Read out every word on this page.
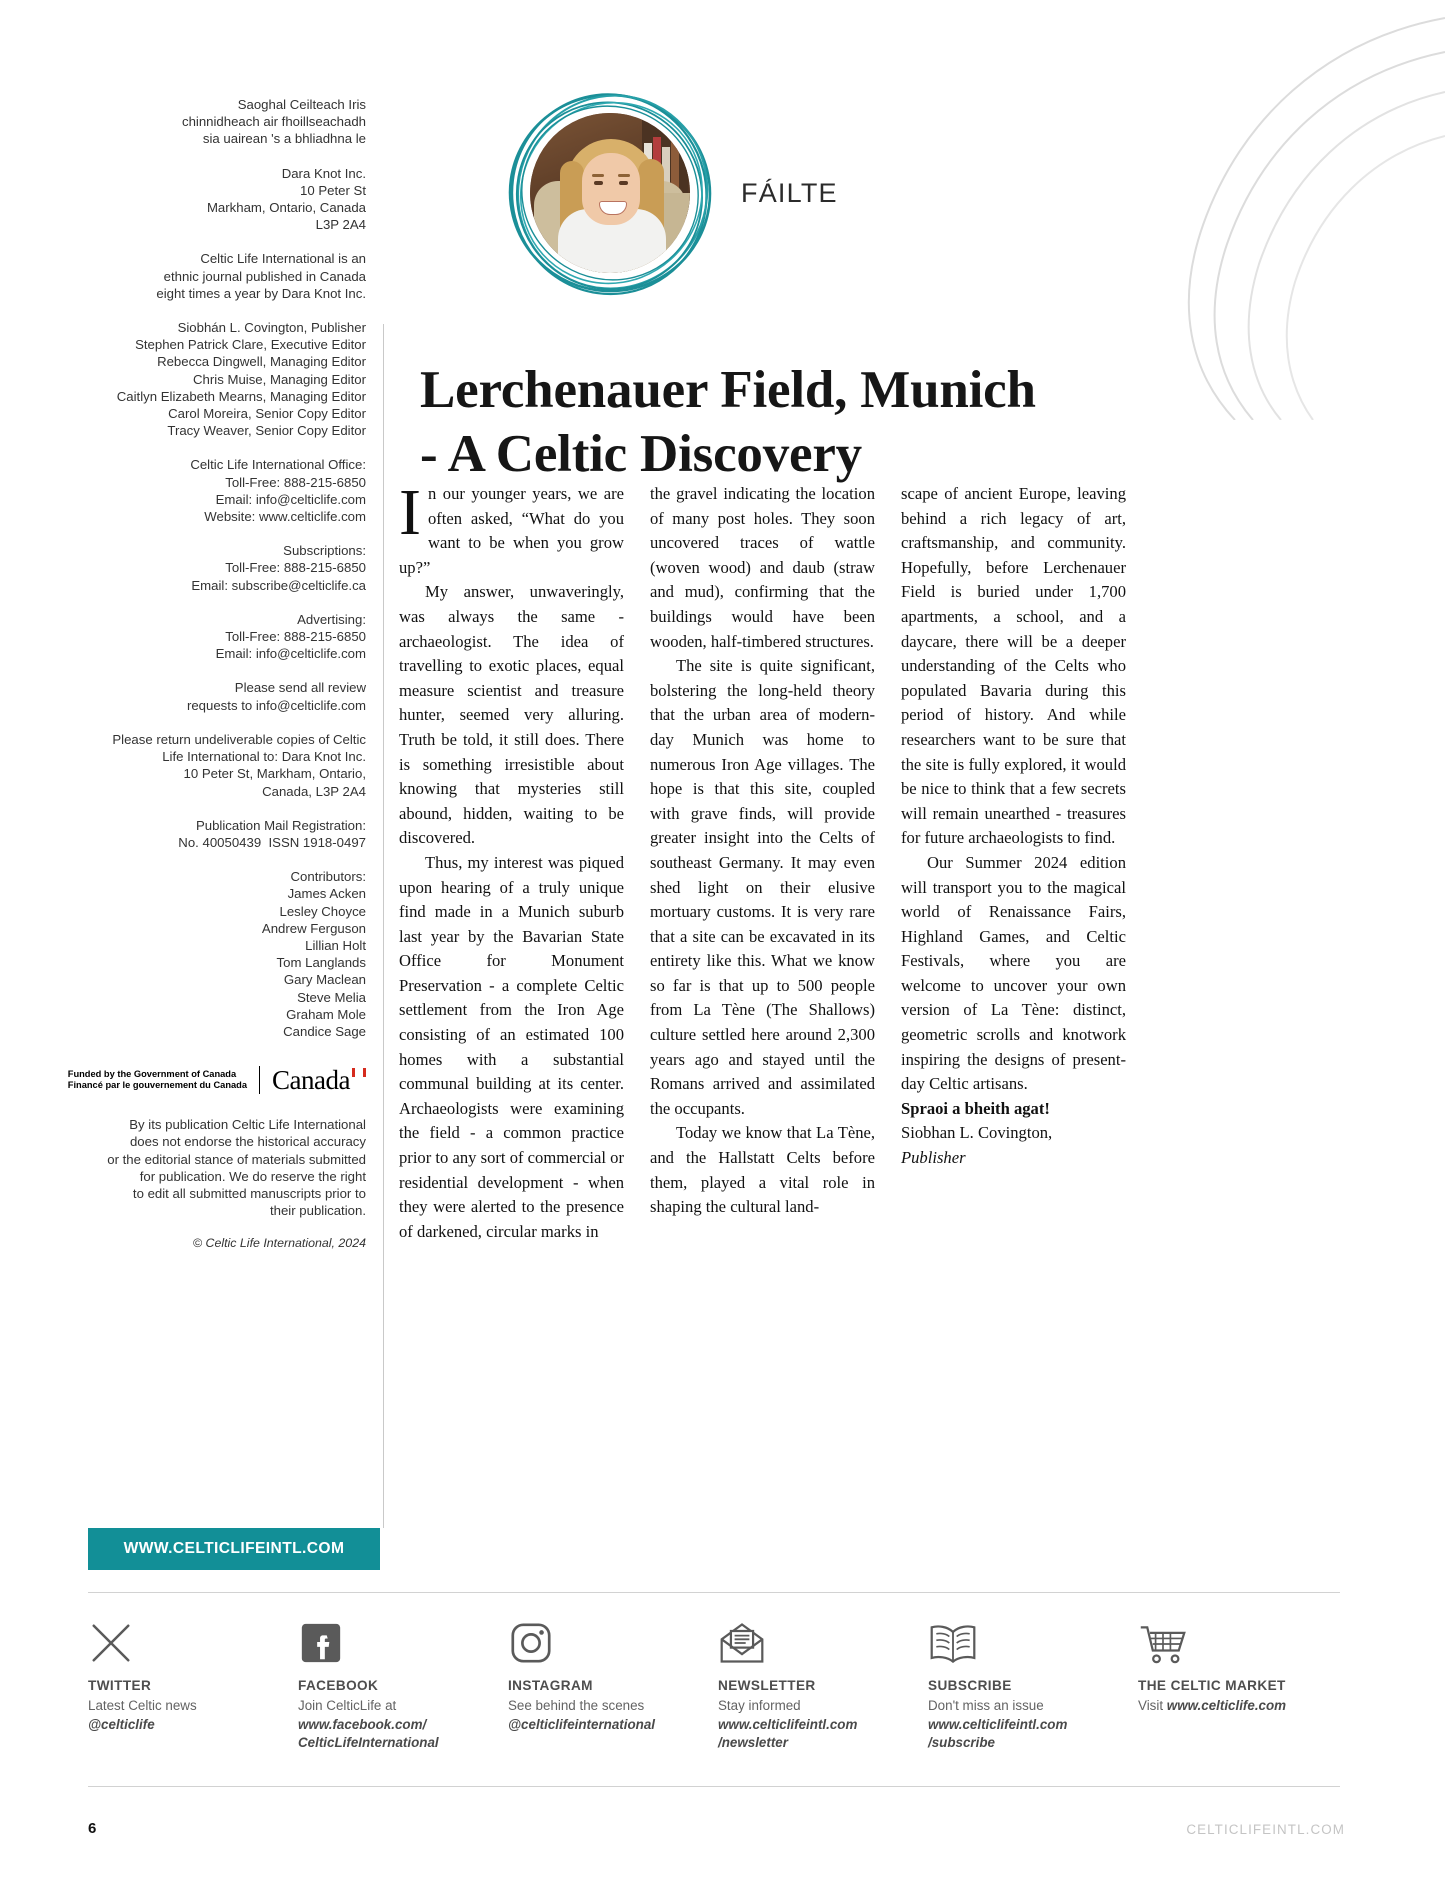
Saoghal Ceilteach Iris
chinnidheach air fhoillseachadh
sia uairean 's a bhliadhna le
Dara Knot Inc.
10 Peter St
Markham, Ontario, Canada
L3P 2A4
Celtic Life International is an
ethnic journal published in Canada
eight times a year by Dara Knot Inc.
Siobhán L. Covington, Publisher
Stephen Patrick Clare, Executive Editor
Rebecca Dingwell, Managing Editor
Chris Muise, Managing Editor
Caitlyn Elizabeth Mearns, Managing Editor
Carol Moreira, Senior Copy Editor
Tracy Weaver, Senior Copy Editor
Celtic Life International Office:
Toll-Free: 888-215-6850
Email: info@celticlife.com
Website: www.celticlife.com
Subscriptions:
Toll-Free: 888-215-6850
Email: subscribe@celticlife.ca
Advertising:
Toll-Free: 888-215-6850
Email: info@celticlife.com
Please send all review
requests to info@celticlife.com
Please return undeliverable copies of Celtic
Life International to: Dara Knot Inc.
10 Peter St, Markham, Ontario,
Canada, L3P 2A4
Publication Mail Registration:
No. 40050439  ISSN 1918-0497
Contributors:
James Acken
Lesley Choyce
Andrew Ferguson
Lillian Holt
Tom Langlands
Gary Maclean
Steve Melia
Graham Mole
Candice Sage
Funded by the Government of Canada
Financé par le gouvernement du Canada Canada
By its publication Celtic Life International
does not endorse the historical accuracy
or the editorial stance of materials submitted
for publication. We do reserve the right
to edit all submitted manuscripts prior to
their publication.
© Celtic Life International, 2024
WWW.CELTICLIFEINTL.COM
FÁILTE
Lerchenauer Field, Munich
- A Celtic Discovery

In our younger years, we are often asked, “What do you want to be when you grow up?”

My answer, unwaveringly, was always the same - archaeologist. The idea of travelling to exotic places, equal measure scientist and treasure hunter, seemed very alluring. Truth be told, it still does. There is something irresistible about knowing that mysteries still abound, hidden, waiting to be discovered.

Thus, my interest was piqued upon hearing of a truly unique find made in a Munich suburb last year by the Bavarian State Office for Monument Preservation - a complete Celtic settlement from the Iron Age consisting of an estimated 100 homes with a substantial communal building at its center. Archaeologists were examining the field - a common practice prior to any sort of commercial or residential development - when they were alerted to the presence of darkened, circular marks in

the gravel indicating the location of many post holes. They soon uncovered traces of wattle (woven wood) and daub (straw and mud), confirming that the buildings would have been wooden, half-timbered structures.

The site is quite significant, bolstering the long-held theory that the urban area of modern-day Munich was home to numerous Iron Age villages. The hope is that this site, coupled with grave finds, will provide greater insight into the Celts of southeast Germany. It may even shed light on their elusive mortuary customs. It is very rare that a site can be excavated in its entirety like this. What we know so far is that up to 500 people from La Tène (The Shallows) culture settled here around 2,300 years ago and stayed until the Romans arrived and assimilated the occupants.

Today we know that La Tène, and the Hallstatt Celts before them, played a vital role in shaping the cultural land-

scape of ancient Europe, leaving behind a rich legacy of art, craftsmanship, and community. Hopefully, before Lerchenauer Field is buried under 1,700 apartments, a school, and a daycare, there will be a deeper understanding of the Celts who populated Bavaria during this period of history. And while researchers want to be sure that the site is fully explored, it would be nice to think that a few secrets will remain unearthed - treasures for future archaeologists to find.

Our Summer 2024 edition will transport you to the magical world of Renaissance Fairs, Highland Games, and Celtic Festivals, where you are welcome to uncover your own version of La Tène: distinct, geometric scrolls and knotwork inspiring the designs of present-day Celtic artisans.

Spraoi a bheith agat!

Siobhan L. Covington,

Publisher

TWITTER
Latest Celtic news
@celticlife
FACEBOOK
Join CelticLife at
www.facebook.com/
CelticLifeInternational
INSTAGRAM
See behind the scenes
@celticlifeinternational
NEWSLETTER
Stay informed
www.celticlifeintl.com
/newsletter
SUBSCRIBE
Don't miss an issue
www.celticlifeintl.com
/subscribe
THE CELTIC MARKET
Visit www.celticlife.com
6	CELTICLIFEINTL.COM
